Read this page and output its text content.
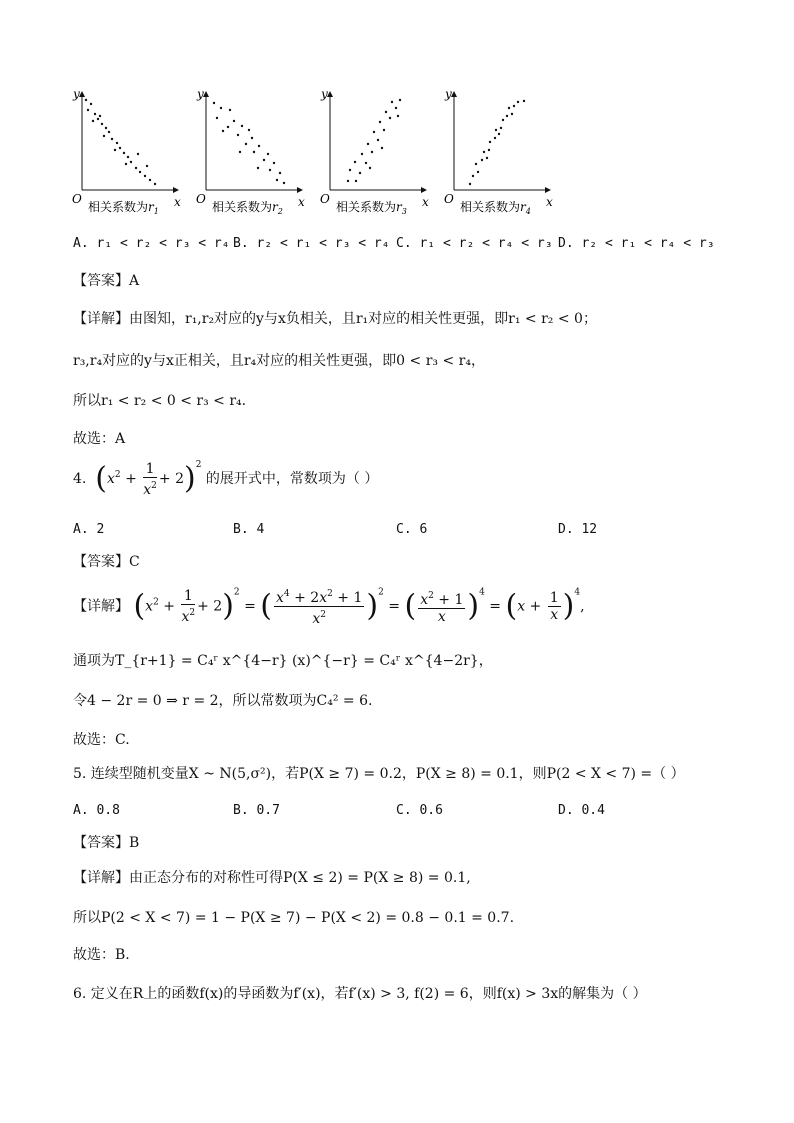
y
x
O
相关系数为$r_1$
y
x
O
相关系数为$r_2$
y
x
O
相关系数为$r_3$
y
x
O
相关系数为$r_4$
A. r₁ < r₂ < r₃ < r₄ B. r₂ < r₁ < r₃ < r₄ C. r₁ < r₂ < r₄ < r₃ D. r₂ < r₁ < r₄ < r₃
【答案】A
【详解】由图知，r₁,r₂对应的y与x负相关，且r₁对应的相关性更强，即r₁ < r₂ < 0；
r₃,r₄对应的y与x正相关，且r₄对应的相关性更强，即0 < r₃ < r₄，
所以r₁ < r₂ < 0 < r₃ < r₄.
故选：A
4. $(x^2 + \frac{1}{x^2} + 2)^2$ 的展开式中，常数项为（ ）
A. 2	B. 4	C. 6	D. 12
【答案】C
【详解】 $(x^2 + \frac{1}{x^2} + 2)^2$ = ( $\frac{x^4 + 2x^2 + 1}{x^2} )^2$ = ( $\frac{x^2 + 1}{x} )^4 = (x + \frac{1}{x} )^4$,
通项为T_{r+1} = C₄ʳ x^{4−r} (x)^{−r} = C₄ʳ x^{4−2r}，
令4 − 2r = 0 ⇒ r = 2，所以常数项为C₄² = 6.
故选：C.
5. 连续型随机变量X ~ N(5,σ²)，若P(X ≥ 7) = 0.2，P(X ≥ 8) = 0.1，则P(2 < X < 7) =（ ）
A. 0.8	B. 0.7	C. 0.6	D. 0.4
【答案】B
【详解】由正态分布的对称性可得P(X ≤ 2) = P(X ≥ 8) = 0.1,
所以P(2 < X < 7) = 1 − P(X ≥ 7) − P(X < 2) = 0.8 − 0.1 = 0.7.
故选：B.
6. 定义在R上的函数f(x)的导函数为f′(x)，若f′(x) > 3, f(2) = 6，则f(x) > 3x的解集为（ ）
